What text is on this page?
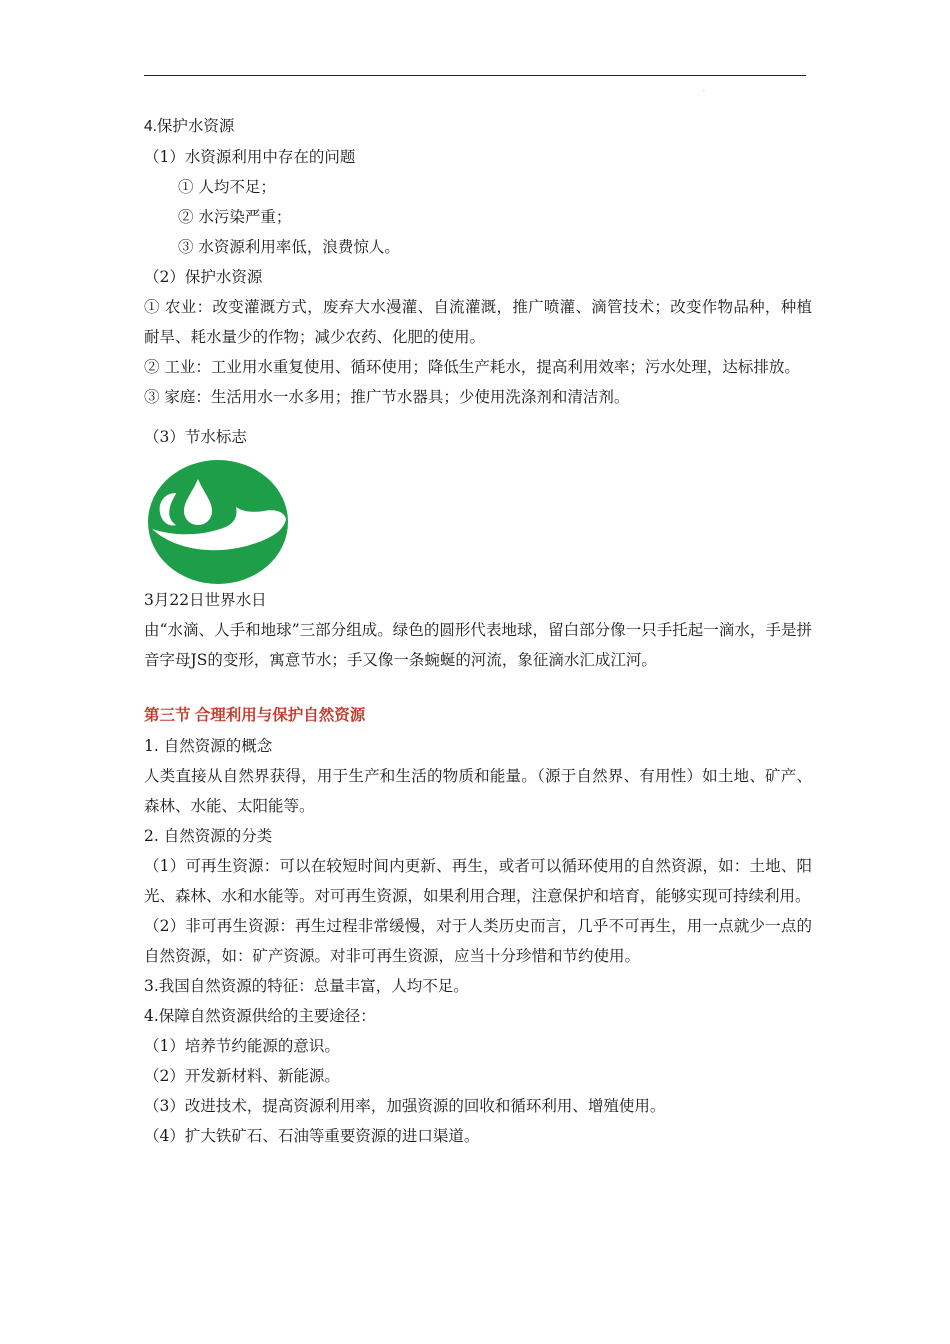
.
4.保护水资源
（1）水资源利用中存在的问题
① 人均不足；
② 水污染严重；
③ 水资源利用率低，浪费惊人。
（2）保护水资源
① 农业：改变灌溉方式，废弃大水漫灌、自流灌溉，推广喷灌、滴管技术；改变作物品种，种植耐旱、耗水量少的作物；减少农药、化肥的使用。
② 工业：工业用水重复使用、循环使用；降低生产耗水，提高利用效率；污水处理，达标排放。
③ 家庭：生活用水一水多用；推广节水器具；少使用洗涤剂和清洁剂。
（3）节水标志
3月22日世界水日
由“水滴、人手和地球”三部分组成。绿色的圆形代表地球，留白部分像一只手托起一滴水，手是拼音字母JS的变形，寓意节水；手又像一条蜿蜒的河流，象征滴水汇成江河。
第三节 合理利用与保护自然资源
1. 自然资源的概念
人类直接从自然界获得，用于生产和生活的物质和能量。（源于自然界、有用性）如土地、矿产、森林、水能、太阳能等。
2. 自然资源的分类
（1）可再生资源：可以在较短时间内更新、再生，或者可以循环使用的自然资源，如：土地、阳光、森林、水和水能等。对可再生资源，如果利用合理，注意保护和培育，能够实现可持续利用。
（2）非可再生资源：再生过程非常缓慢，对于人类历史而言，几乎不可再生，用一点就少一点的自然资源，如：矿产资源。对非可再生资源，应当十分珍惜和节约使用。
3.我国自然资源的特征：总量丰富，人均不足。
4.保障自然资源供给的主要途径：
（1）培养节约能源的意识。
（2）开发新材料、新能源。
（3）改进技术，提高资源利用率，加强资源的回收和循环利用、增殖使用。
（4）扩大铁矿石、石油等重要资源的进口渠道。
